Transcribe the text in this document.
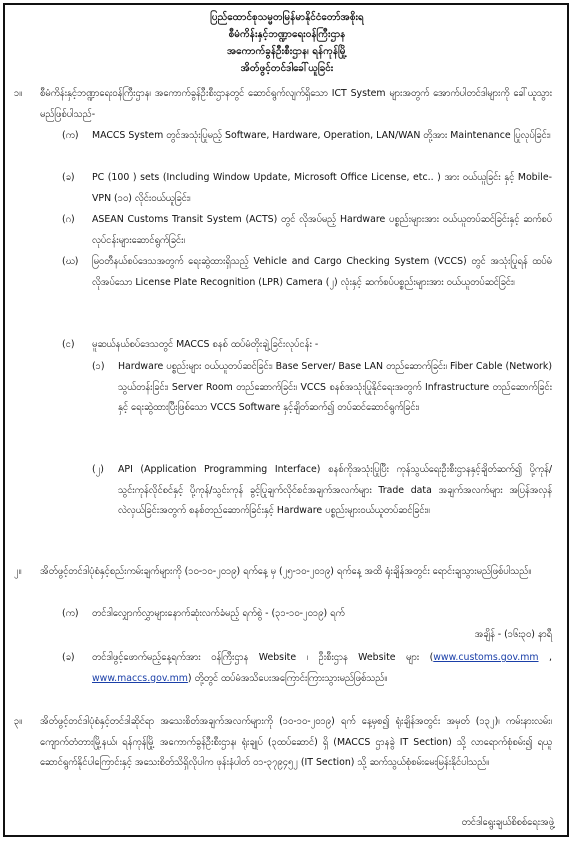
ပြည်ထောင်စုသမ္မတမြန်မာနိုင်ငံတော်အစိုးရ
စီမံကိန်းနှင့်ဘဏ္ဍာရေးဝန်ကြီးဌာန
အကောက်ခွန်ဦးစီးဌာန၊ ရန်ကုန်မြို့
အိတ်ဖွင့်တင်ဒါခေါ်ယူခြင်း
၁။ စီမံကိန်းနှင့်ဘဏ္ဍာရေးဝန်ကြီးဌာန၊ အကောက်ခွန်ဦးစီးဌာနတွင် ဆောင်ရွက်လျက်ရှိသော ICT System များအတွက် အောက်ပါတင်ဒါများကို ခေါ်ယူသွားမည်ဖြစ်ပါသည်-
(က) MACCS System တွင်အသုံးပြုမည့် Software, Hardware, Operation, LAN/WAN တို့အား Maintenance ပြုလုပ်ခြင်း၊
(ခ) PC (100 ) sets (Including Window Update, Microsoft Office License, etc.. ) အား ဝယ်ယူခြင်း နှင့် Mobile-VPN (၁၀) လိုင်းဝယ်ယူခြင်း၊
(ဂ) ASEAN Customs Transit System (ACTS) တွင် လိုအပ်မည့် Hardware ပစ္စည်းများအား ဝယ်ယူတပ်ဆင်ခြင်းနှင့် ဆက်စပ်လုပ်ငန်းများဆောင်ရွက်ခြင်း၊
(ဃ) မြဝတီနယ်စပ်ဒေသအတွက် ရေးဆွဲထားရှိသည့် Vehicle and Cargo Checking System (VCCS) တွင် အသုံးပြုရန် ထပ်မံလိုအပ်သော License Plate Recognition (LPR) Camera (၂) လုံးနှင့် ဆက်စပ်ပစ္စည်းများအား ဝယ်ယူတပ်ဆင်ခြင်း၊
(င) မူဆယ်နယ်စပ်ဒေသတွင် MACCS စနစ် ထပ်မံတိုးချဲ့ခြင်းလုပ်ငန်း -
(၁) Hardware ပစ္စည်းများ ဝယ်ယူတပ်ဆင်ခြင်း၊ Base Server/ Base LAN တည်ဆောက်ခြင်း၊ Fiber Cable (Network) သွယ်တန်းခြင်း၊ Server Room တည်ဆောက်ခြင်း၊ VCCS စနစ်အသုံးပြုနိုင်ရေးအတွက် Infrastructure တည်ဆောက်ခြင်းနှင့် ရေးဆွဲထားပြီးဖြစ်သော VCCS Software နှင့်ချိတ်ဆက်၍ တပ်ဆင်ဆောင်ရွက်ခြင်း၊
(၂) API (Application Programming Interface) စနစ်ကိုအသုံးပြုပြီး ကုန်သွယ်ရေးဦးစီးဌာနနှင့်ချိတ်ဆက်၍ ပို့ကုန်/သွင်းကုန်လိုင်စင်နှင့် ပို့ကုန်/သွင်းကုန် ခွင့်ပြုချက်လိုင်စင်အချက်အလက်များ Trade data အချက်အလက်များ အပြန်အလှန်လဲလှယ်ခြင်းအတွက် စနစ်တည်ဆောက်ခြင်းနှင့် Hardware ပစ္စည်းများဝယ်ယူတပ်ဆင်ခြင်း။
၂။ အိတ်ဖွင့်တင်ဒါပုံစံနှင့်စည်းကမ်းချက်များကို (၁၀-၁၀-၂၀၁၉) ရက်နေ့ မှ (၂၅-၁၀-၂၀၁၉) ရက်နေ့ အထိ ရုံးချိန်အတွင်း ရောင်းချသွားမည်ဖြစ်ပါသည်။
(က) တင်ဒါလျှောက်လွှာများနောက်ဆုံးလက်ခံမည့် ရက်စွဲ - (၃၁-၁၀-၂၀၁၉) ရက်
အချိန် - (၁၆း၃၀) နာရီ
(ခ) တင်ဒါဖွင့်ဖောက်မည့်နေ့ရက်အား ဝန်ကြီးဌာန Website ၊ ဦးစီးဌာန Website များ (www.customs.gov.mm , www.maccs.gov.mm) တို့တွင် ထပ်မံအသိပေးအကြောင်းကြားသွားမည်ဖြစ်သည်။
၃။ အိတ်ဖွင့်တင်ဒါပုံစံနှင့်တင်ဒါဆိုင်ရာ အသေးစိတ်အချက်အလက်များကို (၁၀-၁၀-၂၀၁၉) ရက် နေ့မှစ၍ ရုံးချိန်အတွင်း အမှတ် (၁၃၂)၊ ကမ်းနားလမ်း၊ ကျောက်တံတားမြို့နယ်၊ ရန်ကုန်မြို့ အကောက်ခွန်ဦးစီးဌာန၊ ရုံးချုပ် (၃ထပ်ဆောင်) ရှိ (MACCS ဌာနခွဲ IT Section) သို့ လာရောက်စုံစမ်း၍ ရယူဆောင်ရွက်နိုင်ပါကြောင်းနှင့် အသေးစိတ်သိရှိလိုပါက ဖုန်းနံပါတ် ၀၁-၃၇၉၄၅၂ (IT Section) သို့ ဆက်သွယ်စုံစမ်းမေးမြန်းနိုင်ပါသည်။
တင်ဒါရွေးချယ်စိစစ်ရေးအဖွဲ့
